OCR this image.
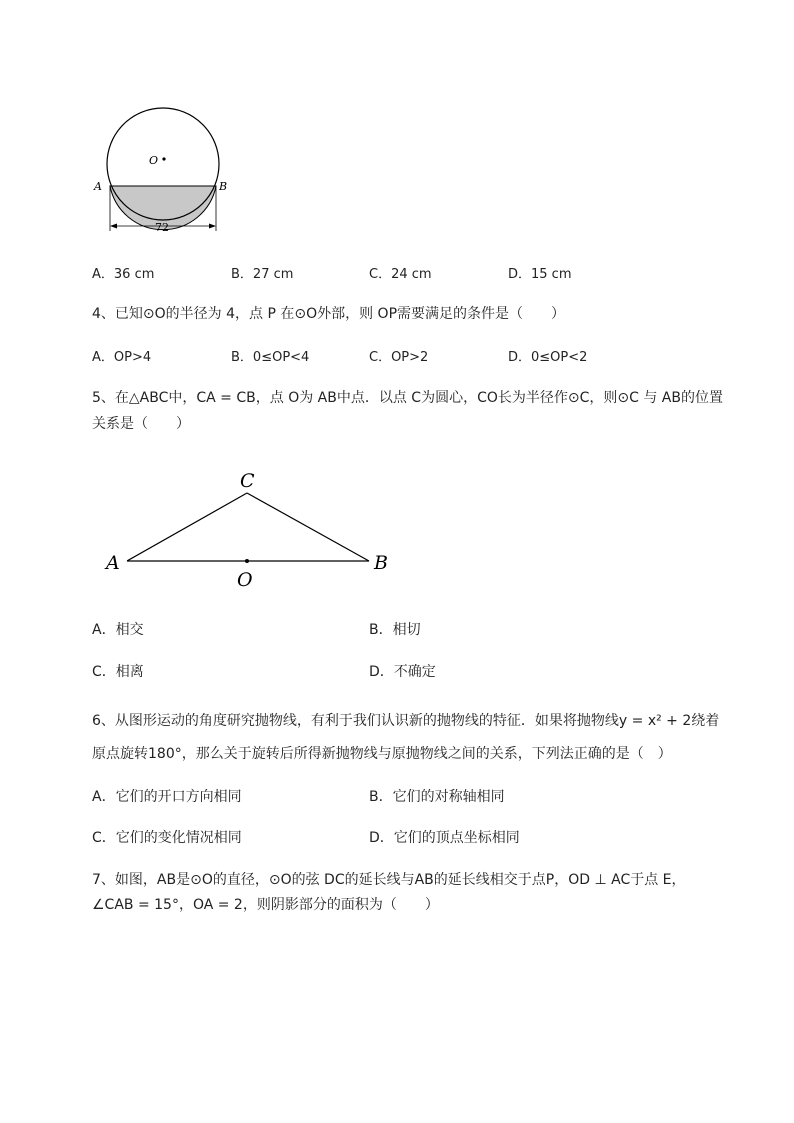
O
A	B
72
A．36 cm	B．27 cm	C．24 cm	D．15 cm
4、已知⊙O的半径为 4，点 P 在⊙O外部，则 OP需要满足的条件是（　　）
A．OP>4	B．0≤OP<4	C．OP>2	D．0≤OP<2
5、在△ABC中，CA = CB，点 O为 AB中点．以点 C为圆心，CO长为半径作⊙C，则⊙C 与 AB的位置
关系是（　　）
C
A	B
O
A．相交	B．相切
C．相离	D．不确定
6、从图形运动的角度研究抛物线，有利于我们认识新的抛物线的特征．如果将抛物线y = x² + 2绕着
原点旋转180°，那么关于旋转后所得新抛物线与原抛物线之间的关系，下列法正确的是（　）
A．它们的开口方向相同	B．它们的对称轴相同
C．它们的变化情况相同	D．它们的顶点坐标相同
7、如图，AB是⊙O的直径，⊙O的弦 DC的延长线与AB的延长线相交于点P，OD ⊥ AC于点 E，
∠CAB = 15°，OA = 2，则阴影部分的面积为（　　）
